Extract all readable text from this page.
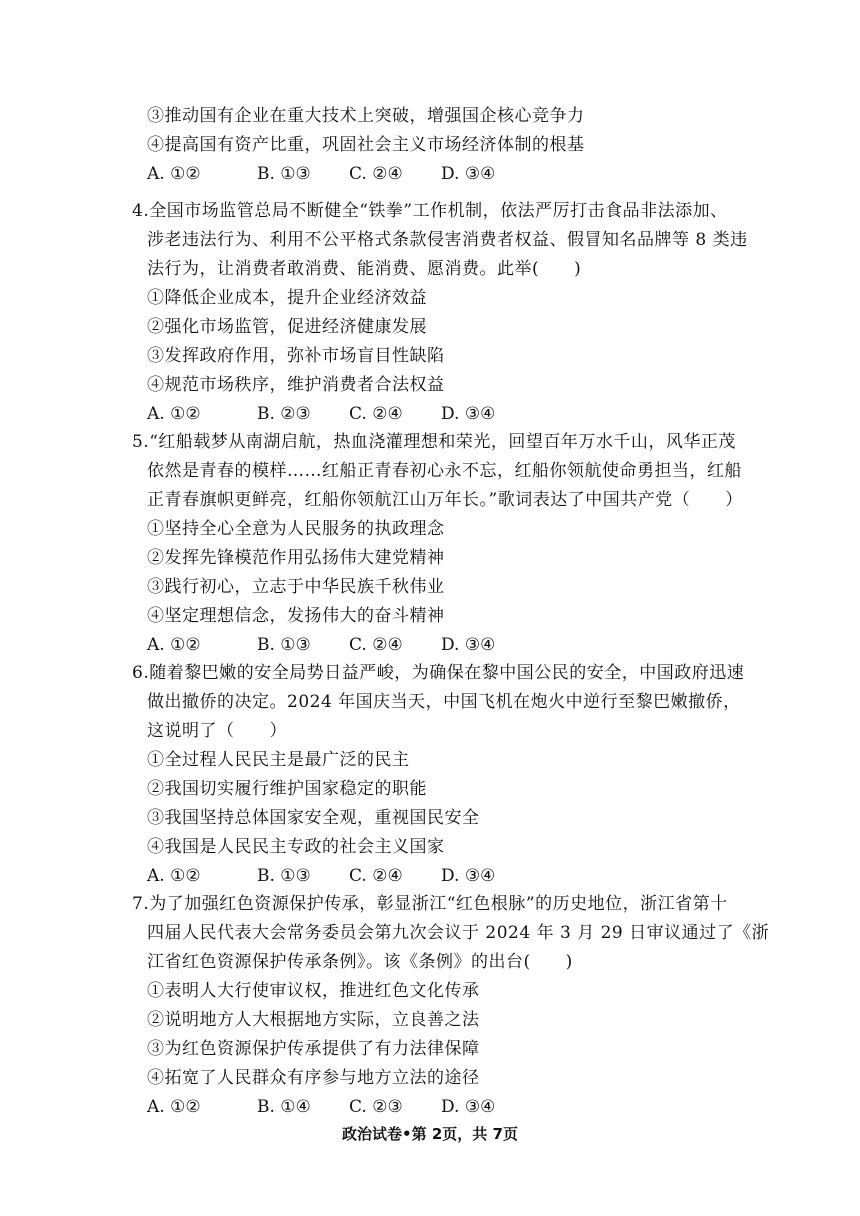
③推动国有企业在重大技术上突破，增强国企核心竞争力
④提高国有资产比重，巩固社会主义市场经济体制的根基
A. ①②	B. ①③ C. ②④ D. ③④
4.全国市场监管总局不断健全“铁拳”工作机制，依法严厉打击食品非法添加、
涉老违法行为、利用不公平格式条款侵害消费者权益、假冒知名品牌等 8 类违
法行为，让消费者敢消费、能消费、愿消费。此举(　　)
①降低企业成本，提升企业经济效益
②强化市场监管，促进经济健康发展
③发挥政府作用，弥补市场盲目性缺陷
④规范市场秩序，维护消费者合法权益
A. ①②	B. ②③ C. ②④ D. ③④
5.“红船载梦从南湖启航，热血浇灌理想和荣光，回望百年万水千山，风华正茂
依然是青春的模样……红船正青春初心永不忘，红船你领航使命勇担当，红船
正青春旗帜更鲜亮，红船你领航江山万年长。”歌词表达了中国共产党（　　）
①坚持全心全意为人民服务的执政理念
②发挥先锋模范作用弘扬伟大建党精神
③践行初心，立志于中华民族千秋伟业
④坚定理想信念，发扬伟大的奋斗精神
A. ①②	B. ①③ C. ②④ D. ③④
6.随着黎巴嫩的安全局势日益严峻，为确保在黎中国公民的安全，中国政府迅速
做出撤侨的决定。2024 年国庆当天，中国飞机在炮火中逆行至黎巴嫩撤侨，
这说明了（　　）
①全过程人民民主是最广泛的民主
②我国切实履行维护国家稳定的职能
③我国坚持总体国家安全观，重视国民安全
④我国是人民民主专政的社会主义国家
A. ①②	B. ①③ C. ②④ D. ③④
7.为了加强红色资源保护传承，彰显浙江“红色根脉”的历史地位，浙江省第十
四届人民代表大会常务委员会第九次会议于 2024 年 3 月 29 日审议通过了《浙
江省红色资源保护传承条例》。该《条例》的出台(　　)
①表明人大行使审议权，推进红色文化传承
②说明地方人大根据地方实际，立良善之法
③为红色资源保护传承提供了有力法律保障
④拓宽了人民群众有序参与地方立法的途径
A. ①②	B. ①④ C. ②③ D. ③④
政治试卷•第 2页，共 7页
